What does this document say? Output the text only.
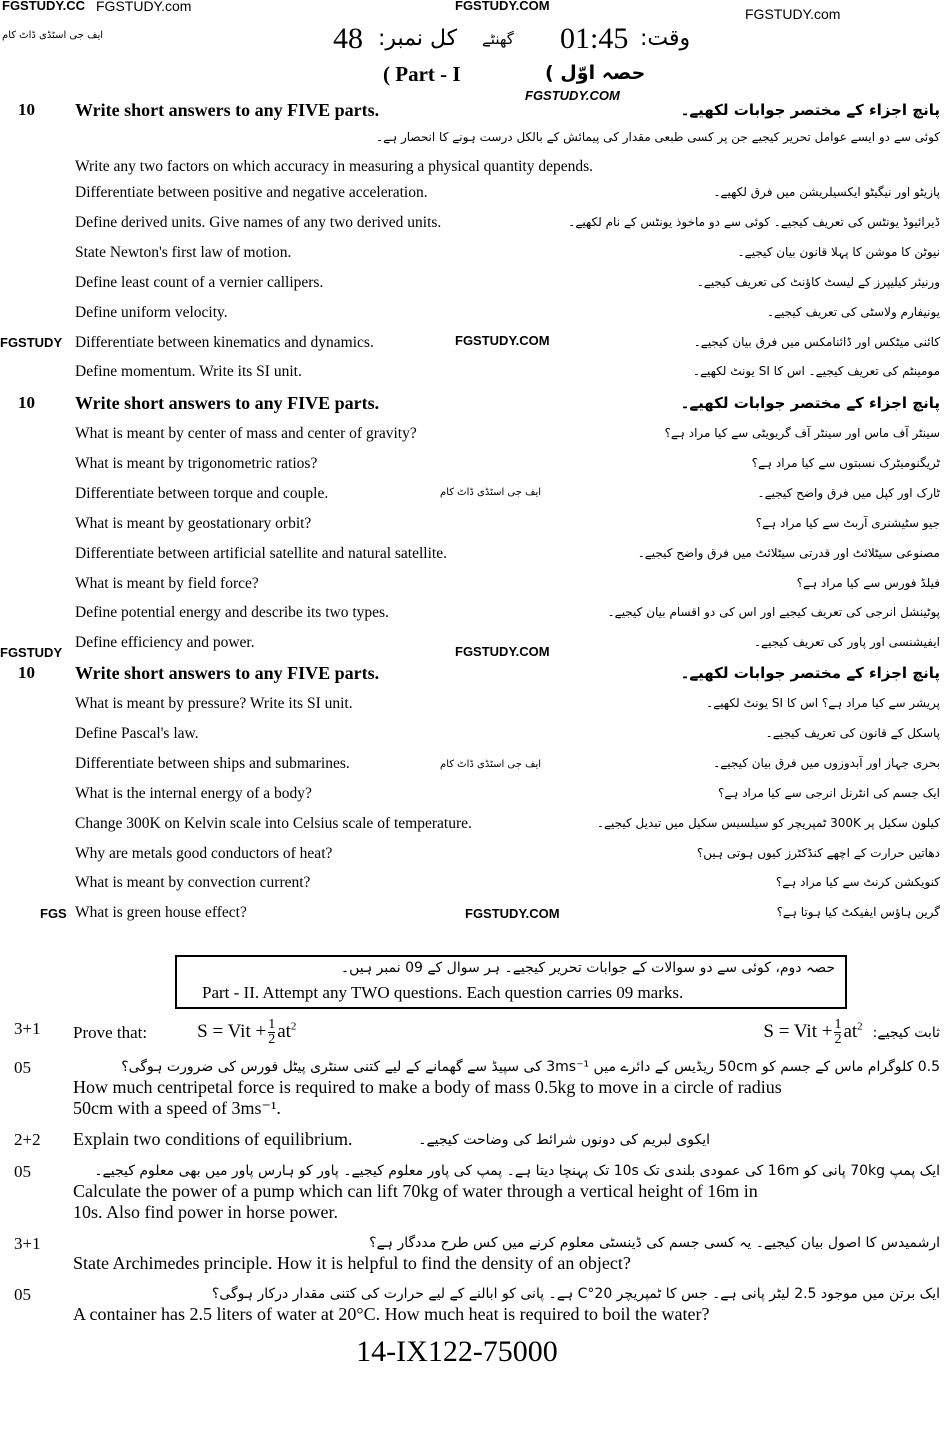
FGSTUDY.CC FGSTUDY.com	FGSTUDY.COM
FGSTUDY.com
ایف جی اسٹڈی ڈاٹ کام
FGSTUDY.COM
FGSTUDY	FGSTUDY.COM
FGSTUDY	FGSTUDY.COM
FGS	FGSTUDY.COM
ایف جی اسٹڈی ڈاٹ کام
ایف جی اسٹڈی ڈاٹ کام
48 کل نمبر: گھنٹے 01:45 وقت:
( Part - I	حصہ اوّل )
10 Write short answers to any FIVE parts.	پانچ اجزاء کے مختصر جوابات لکھیے۔
کوئی سے دو ایسے عوامل تحریر کیجیے جن پر کسی طبعی مقدار کی پیمائش کے بالکل درست ہونے کا انحصار ہے۔
Write any two factors on which accuracy in measuring a physical quantity depends.
Differentiate between positive and negative acceleration.	پازیٹو اور نیگیٹو ایکسیلریشن میں فرق لکھیے۔
Define derived units. Give names of any two derived units.	ڈیرائیوڈ یونٹس کی تعریف کیجیے۔ کوئی سے دو ماخوذ یونٹس کے نام لکھیے۔
State Newton's first law of motion.	نیوٹن کا موشن کا پہلا قانون بیان کیجیے۔
Define least count of a vernier callipers.	ورنیئر کیلیپرز کے لیسٹ کاؤنٹ کی تعریف کیجیے۔
Define uniform velocity.	یونیفارم ولاسٹی کی تعریف کیجیے۔
Differentiate between kinematics and dynamics.	کائنی میٹکس اور ڈائنامکس میں فرق بیان کیجیے۔
Define momentum. Write its SI unit.	مومینٹم کی تعریف کیجیے۔ اس کا SI یونٹ لکھیے۔
10 Write short answers to any FIVE parts.	پانچ اجزاء کے مختصر جوابات لکھیے۔
What is meant by center of mass and center of gravity?	سینٹر آف ماس اور سینٹر آف گریویٹی سے کیا مراد ہے؟
What is meant by trigonometric ratios?	ٹریگنومیٹرک نسبتوں سے کیا مراد ہے؟
Differentiate between torque and couple.	ٹارک اور کپل میں فرق واضح کیجیے۔
What is meant by geostationary orbit?	جیو سٹیشنری آربٹ سے کیا مراد ہے؟
Differentiate between artificial satellite and natural satellite.	مصنوعی سیٹلائٹ اور قدرتی سیٹلائٹ میں فرق واضح کیجیے۔
What is meant by field force?	فیلڈ فورس سے کیا مراد ہے؟
Define potential energy and describe its two types.	پوٹینشل انرجی کی تعریف کیجیے اور اس کی دو اقسام بیان کیجیے۔
Define efficiency and power.	ایفیشنسی اور پاور کی تعریف کیجیے۔
10 Write short answers to any FIVE parts.	پانچ اجزاء کے مختصر جوابات لکھیے۔
What is meant by pressure? Write its SI unit.	پریشر سے کیا مراد ہے؟ اس کا SI یونٹ لکھیے۔
Define Pascal's law.	پاسکل کے قانون کی تعریف کیجیے۔
Differentiate between ships and submarines.	بحری جہاز اور آبدوزوں میں فرق بیان کیجیے۔
What is the internal energy of a body?	ایک جسم کی انٹرنل انرجی سے کیا مراد ہے؟
Change 300K on Kelvin scale into Celsius scale of temperature.	کیلون سکیل پر 300K ٹمپریچر کو سیلسیس سکیل میں تبدیل کیجیے۔
Why are metals good conductors of heat?	دھاتیں حرارت کے اچھے کنڈکٹرز کیوں ہوتی ہیں؟
What is meant by convection current?	کنویکشن کرنٹ سے کیا مراد ہے؟
What is green house effect?	گرین ہاؤس ایفیکٹ کیا ہوتا ہے؟
حصہ دوم، کوئی سے دو سوالات کے جوابات تحریر کیجیے۔ ہر سوال کے 09 نمبر ہیں۔
Part - II. Attempt any TWO questions. Each question carries 09 marks.
3+1	Prove that:	S = Vit + $\frac{1}{2} at^2$	S = Vit + $\frac{1}{2} at^2$ ثابت کیجیے:
05	0.5 کلوگرام ماس کے جسم کو 50cm ریڈیس کے دائرے میں 3ms⁻¹ کی سپیڈ سے گھمانے کے لیے کتنی سنٹری پیٹل فورس کی ضرورت ہوگی؟
How much centripetal force is required to make a body of mass 0.5kg to move in a circle of radius
50cm with a speed of 3ms⁻¹.
2+2	Explain two conditions of equilibrium.	ایکوی لبریم کی دونوں شرائط کی وضاحت کیجیے۔
05	ایک پمپ 70kg پانی کو 16m کی عمودی بلندی تک 10s تک پہنچا دیتا ہے۔ پمپ کی پاور معلوم کیجیے۔ پاور کو ہارس پاور میں بھی معلوم کیجیے۔
Calculate the power of a pump which can lift 70kg of water through a vertical height of 16m in
10s. Also find power in horse power.
3+1	ارشمیدس کا اصول بیان کیجیے۔ یہ کسی جسم کی ڈینسٹی معلوم کرنے میں کس طرح مددگار ہے؟
State Archimedes principle. How it is helpful to find the density of an object?
05	ایک برتن میں موجود 2.5 لیٹر پانی ہے۔ جس کا ٹمپریچر 20°C ہے۔ پانی کو ابالنے کے لیے حرارت کی کتنی مقدار درکار ہوگی؟
A container has 2.5 liters of water at 20°C. How much heat is required to boil the water?
14-IX122-75000
